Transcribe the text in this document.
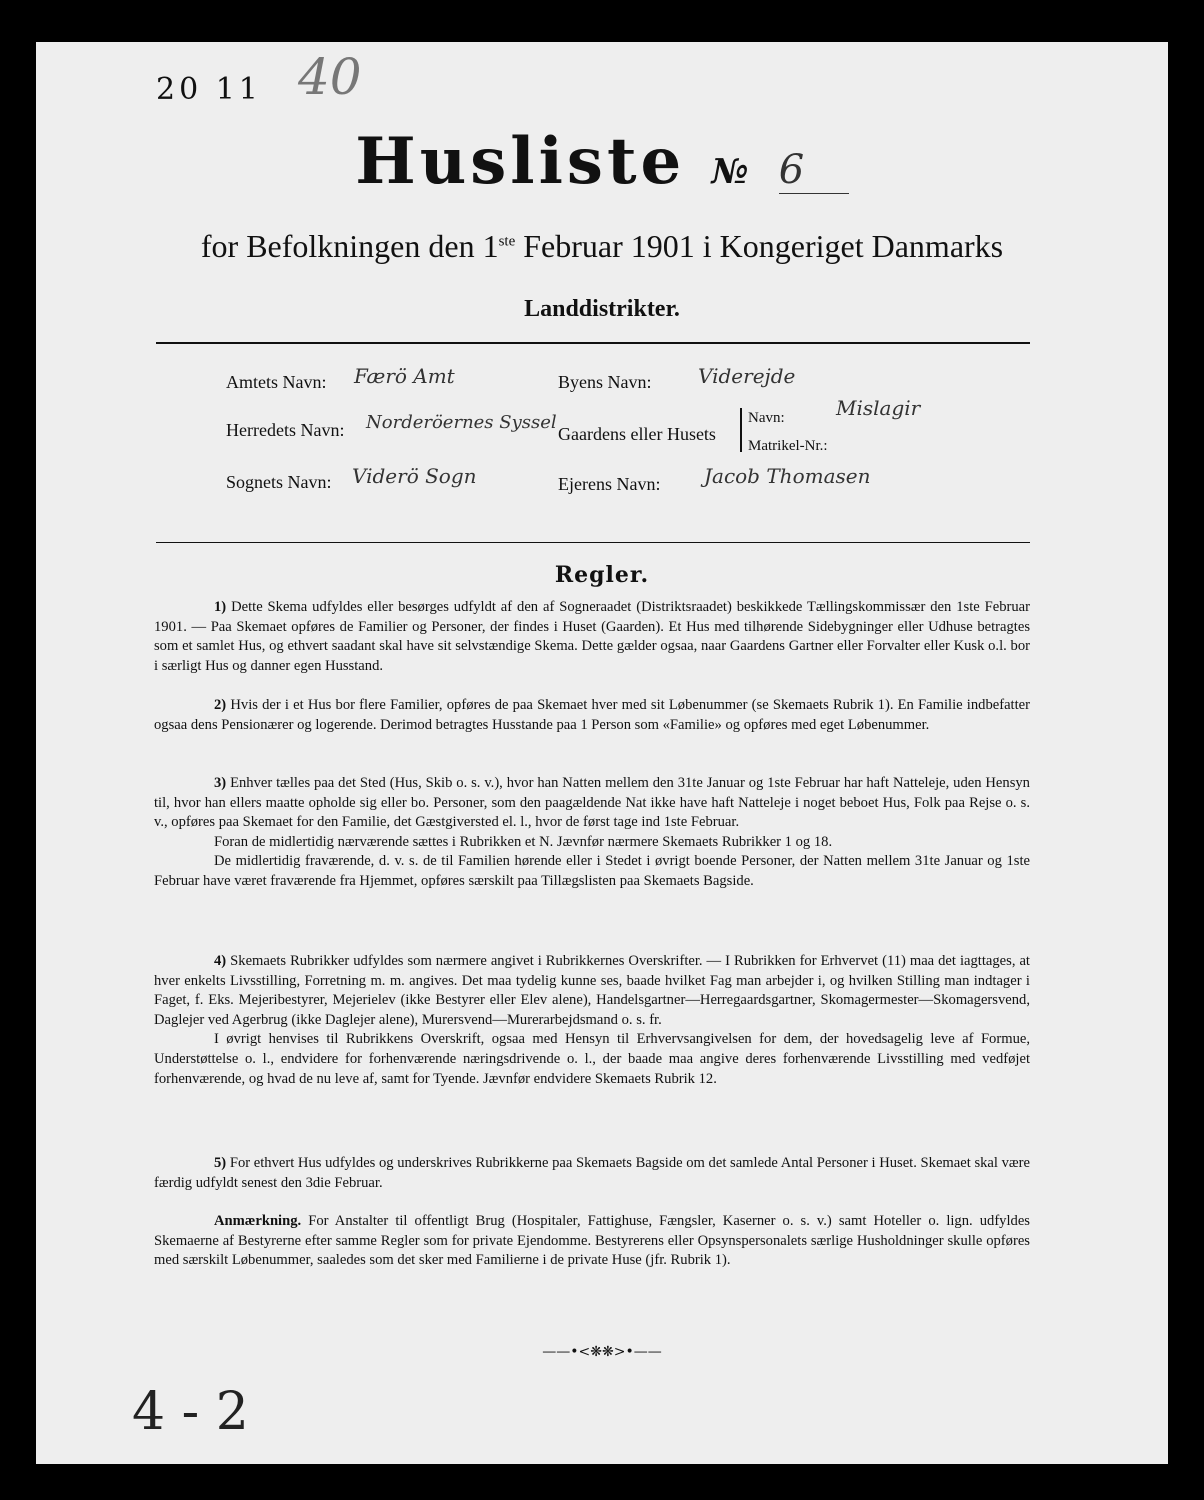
20 11 40
Husliste № 6
for Befolkningen den 1ste Februar 1901 i Kongeriget Danmarks
Landdistrikter.
Amtets Navn: Færö Amt	Byens Navn: Viderejde
Herredets Navn: Norderöernes Syssel
Gaardens eller Husets
Navn:	Mislagir
Matrikel-Nr.:
Sognets Navn: Viderö Sogn	Ejerens Navn: Jacob Thomasen
Regler.

1) Dette Skema udfyldes eller besørges udfyldt af den af Sogneraadet (Distriktsraadet) beskikkede Tællingskommissær den 1ste Februar 1901. — Paa Skemaet opføres de Familier og Personer, der findes i Huset (Gaarden). Et Hus med tilhørende Sidebygninger eller Udhuse betragtes som et samlet Hus, og ethvert saadant skal have sit selvstændige Skema. Dette gælder ogsaa, naar Gaardens Gartner eller Forvalter eller Kusk o.l. bor i særligt Hus og danner egen Husstand.

2) Hvis der i et Hus bor flere Familier, opføres de paa Skemaet hver med sit Løbenummer (se Skemaets Rubrik 1). En Familie indbefatter ogsaa dens Pensionærer og logerende. Derimod betragtes Husstande paa 1 Person som «Familie» og opføres med eget Løbenummer.

3) Enhver tælles paa det Sted (Hus, Skib o. s. v.), hvor han Natten mellem den 31te Januar og 1ste Februar har haft Natteleje, uden Hensyn til, hvor han ellers maatte opholde sig eller bo. Personer, som den paagældende Nat ikke have haft Natteleje i noget beboet Hus, Folk paa Rejse o. s. v., opføres paa Skemaet for den Familie, det Gæstgiversted el. l., hvor de først tage ind 1ste Februar.

Foran de midlertidig nærværende sættes i Rubrikken et N. Jævnfør nærmere Skemaets Rubrikker 1 og 18.

De midlertidig fraværende, d. v. s. de til Familien hørende eller i Stedet i øvrigt boende Personer, der Natten mellem 31te Januar og 1ste Februar have været fraværende fra Hjemmet, opføres særskilt paa Tillægslisten paa Skemaets Bagside.

4) Skemaets Rubrikker udfyldes som nærmere angivet i Rubrikkernes Overskrifter. — I Rubrikken for Erhvervet (11) maa det iagttages, at hver enkelts Livsstilling, Forretning m. m. angives. Det maa tydelig kunne ses, baade hvilket Fag man arbejder i, og hvilken Stilling man indtager i Faget, f. Eks. Mejeribestyrer, Mejerielev (ikke Bestyrer eller Elev alene), Handelsgartner—Herregaardsgartner, Skomagermester—Skomagersvend, Daglejer ved Agerbrug (ikke Daglejer alene), Murersvend—Murerarbejdsmand o. s. fr.

I øvrigt henvises til Rubrikkens Overskrift, ogsaa med Hensyn til Erhvervsangivelsen for dem, der hovedsagelig leve af Formue, Understøttelse o. l., endvidere for forhenværende næringsdrivende o. l., der baade maa angive deres forhenværende Livsstilling med vedføjet forhenværende, og hvad de nu leve af, samt for Tyende. Jævnfør endvidere Skemaets Rubrik 12.

5) For ethvert Hus udfyldes og underskrives Rubrikkerne paa Skemaets Bagside om det samlede Antal Personer i Huset. Skemaet skal være færdig udfyldt senest den 3die Februar.

Anmærkning. For Anstalter til offentligt Brug (Hospitaler, Fattighuse, Fængsler, Kaserner o. s. v.) samt Hoteller o. lign. udfyldes Skemaerne af Bestyrerne efter samme Regler som for private Ejendomme. Bestyrerens eller Opsynspersonalets særlige Husholdninger skulle opføres med særskilt Løbenummer, saaledes som det sker med Familierne i de private Huse (jfr. Rubrik 1).

——•<❋❋>•——
4 - 2
